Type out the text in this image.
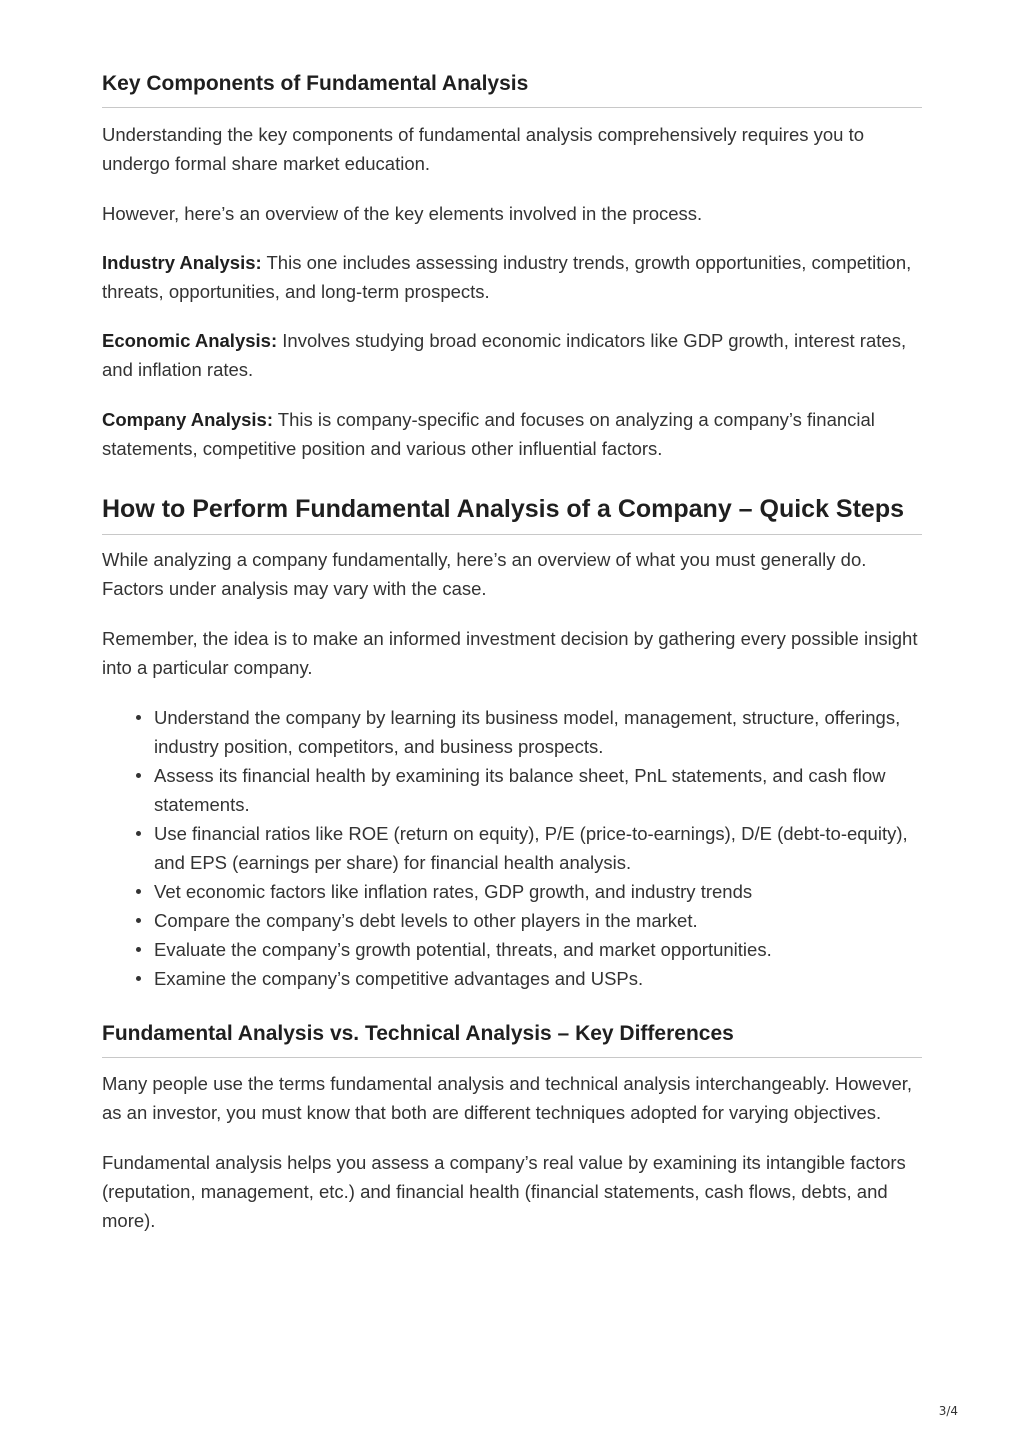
Key Components of Fundamental Analysis

Understanding the key components of fundamental analysis comprehensively requires you to undergo formal share market education.

However, here’s an overview of the key elements involved in the process.

Industry Analysis: This one includes assessing industry trends, growth opportunities, competition, threats, opportunities, and long-term prospects.

Economic Analysis: Involves studying broad economic indicators like GDP growth, interest rates, and inflation rates.

Company Analysis: This is company-specific and focuses on analyzing a company’s financial statements, competitive position and various other influential factors.

How to Perform Fundamental Analysis of a Company – Quick Steps

While analyzing a company fundamentally, here’s an overview of what you must generally do. Factors under analysis may vary with the case.

Remember, the idea is to make an informed investment decision by gathering every possible insight into a particular company.

Understand the company by learning its business model, management, structure, offerings, industry position, competitors, and business prospects.
Assess its financial health by examining its balance sheet, PnL statements, and cash flow statements.
Use financial ratios like ROE (return on equity), P/E (price-to-earnings), D/E (debt-to-equity), and EPS (earnings per share) for financial health analysis.
Vet economic factors like inflation rates, GDP growth, and industry trends
Compare the company’s debt levels to other players in the market.
Evaluate the company’s growth potential, threats, and market opportunities.
Examine the company’s competitive advantages and USPs.
Fundamental Analysis vs. Technical Analysis – Key Differences

Many people use the terms fundamental analysis and technical analysis interchangeably. However, as an investor, you must know that both are different techniques adopted for varying objectives.

Fundamental analysis helps you assess a company’s real value by examining its intangible factors (reputation, management, etc.) and financial health (financial statements, cash flows, debts, and more).

3/4
